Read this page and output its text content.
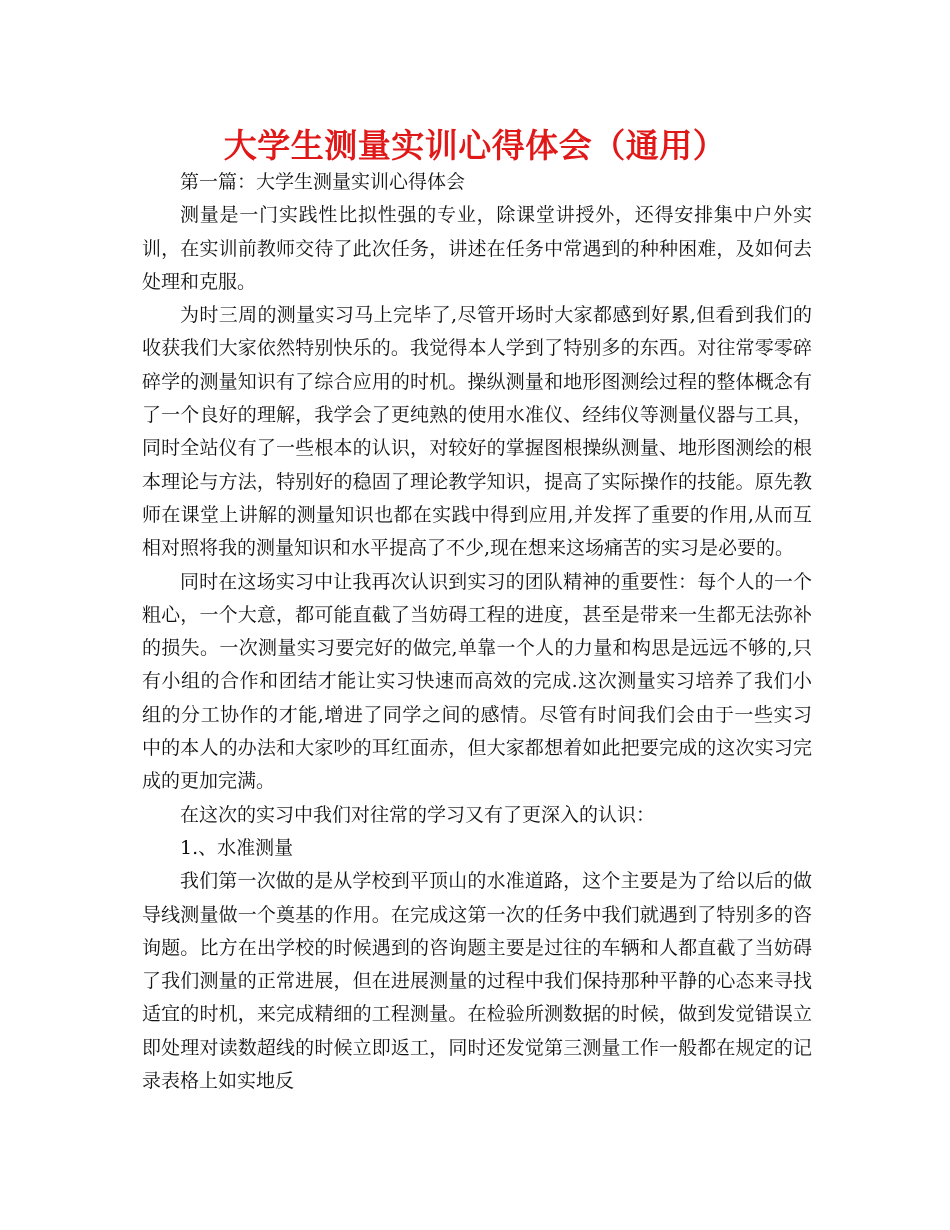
大学生测量实训心得体会（通用）

第一篇：大学生测量实训心得体会

测量是一门实践性比拟性强的专业，除课堂讲授外，还得安排集中户外实训，在实训前教师交待了此次任务，讲述在任务中常遇到的种种困难，及如何去处理和克服。

为时三周的测量实习马上完毕了,尽管开场时大家都感到好累,但看到我们的收获我们大家依然特别快乐的。我觉得本人学到了特别多的东西。对往常零零碎碎学的测量知识有了综合应用的时机。操纵测量和地形图测绘过程的整体概念有了一个良好的理解，我学会了更纯熟的使用水准仪、经纬仪等测量仪器与工具，同时全站仪有了一些根本的认识，对较好的掌握图根操纵测量、地形图测绘的根本理论与方法，特别好的稳固了理论教学知识，提高了实际操作的技能。原先教师在课堂上讲解的测量知识也都在实践中得到应用,并发挥了重要的作用,从而互相对照将我的测量知识和水平提高了不少,现在想来这场痛苦的实习是必要的。

同时在这场实习中让我再次认识到实习的团队精神的重要性：每个人的一个粗心，一个大意，都可能直截了当妨碍工程的进度，甚至是带来一生都无法弥补的损失。一次测量实习要完好的做完,单靠一个人的力量和构思是远远不够的,只有小组的合作和团结才能让实习快速而高效的完成.这次测量实习培养了我们小组的分工协作的才能,增进了同学之间的感情。尽管有时间我们会由于一些实习中的本人的办法和大家吵的耳红面赤，但大家都想着如此把要完成的这次实习完成的更加完满。

在这次的实习中我们对往常的学习又有了更深入的认识：

1.、水准测量

我们第一次做的是从学校到平顶山的水准道路，这个主要是为了给以后的做导线测量做一个奠基的作用。在完成这第一次的任务中我们就遇到了特别多的咨询题。比方在出学校的时候遇到的咨询题主要是过往的车辆和人都直截了当妨碍了我们测量的正常进展，但在进展测量的过程中我们保持那种平静的心态来寻找适宜的时机，来完成精细的工程测量。在检验所测数据的时候，做到发觉错误立即处理对读数超线的时候立即返工，同时还发觉第三测量工作一般都在规定的记录表格上如实地反
